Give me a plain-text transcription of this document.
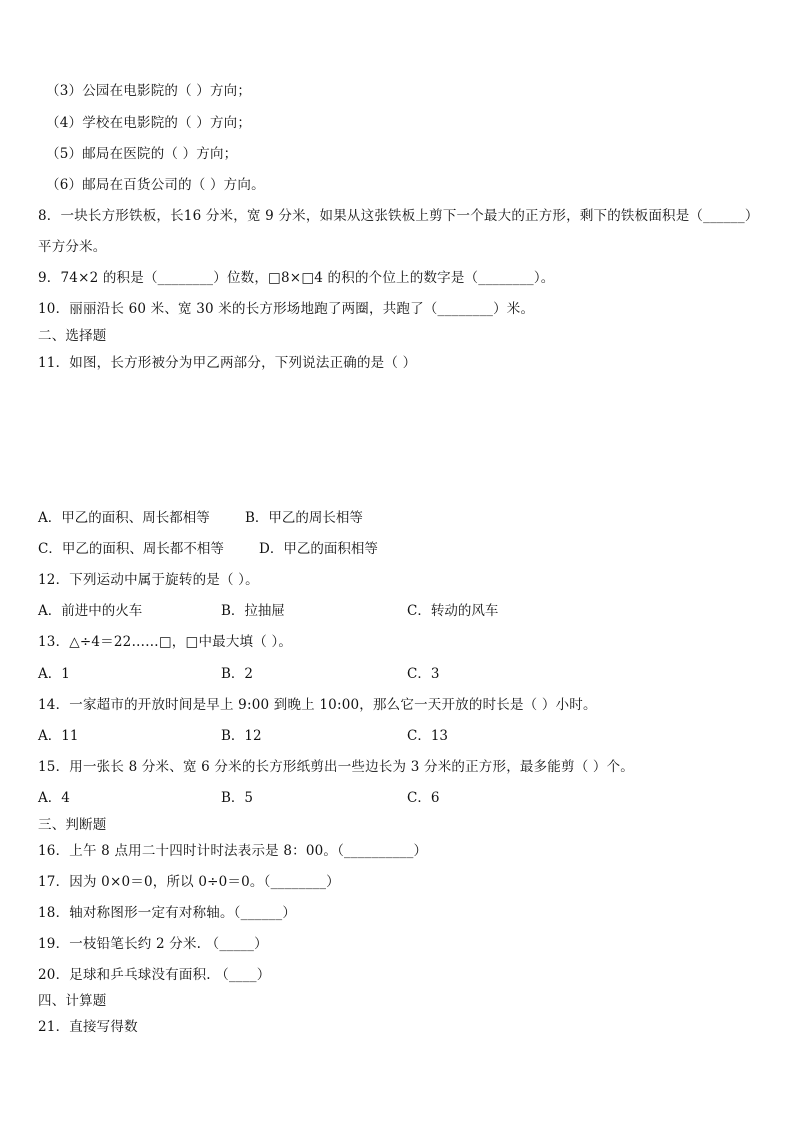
（3）公园在电影院的（ ）方向；
（4）学校在电影院的（ ）方向；
（5）邮局在医院的（ ）方向；
（6）邮局在百货公司的（ ）方向。
8．一块长方形铁板，长16 分米，宽 9 分米，如果从这张铁板上剪下一个最大的正方形，剩下的铁板面积是（______）
平方分米。
9．74×2 的积是（________）位数，□8×□4 的积的个位上的数字是（________）。
10．丽丽沿长 60 米、宽 30 米的长方形场地跑了两圈，共跑了（________）米。
二、选择题
11．如图，长方形被分为甲乙两部分，下列说法正确的是（ ）
A．甲乙的面积、周长都相等	B．甲乙的周长相等
C．甲乙的面积、周长都不相等	D．甲乙的面积相等
12．下列运动中属于旋转的是（ ）。
A．前进中的火车	B．拉抽屉	C．转动的风车
13．△÷4＝22……□，□中最大填（ ）。
A．1	B．2	C．3
14．一家超市的开放时间是早上 9:00 到晚上 10:00，那么它一天开放的时长是（ ）小时。
A．11	B．12	C．13
15．用一张长 8 分米、宽 6 分米的长方形纸剪出一些边长为 3 分米的正方形，最多能剪（ ）个。
A．4	B．5	C．6
三、判断题
16．上午 8 点用二十四时计时法表示是 8：00。（__________）
17．因为 0×0＝0，所以 0÷0＝0。（________）
18．轴对称图形一定有对称轴。（______）
19．一枝铅笔长约 2 分米. （_____）
20．足球和乒乓球没有面积. （____）
四、计算题
21．直接写得数
